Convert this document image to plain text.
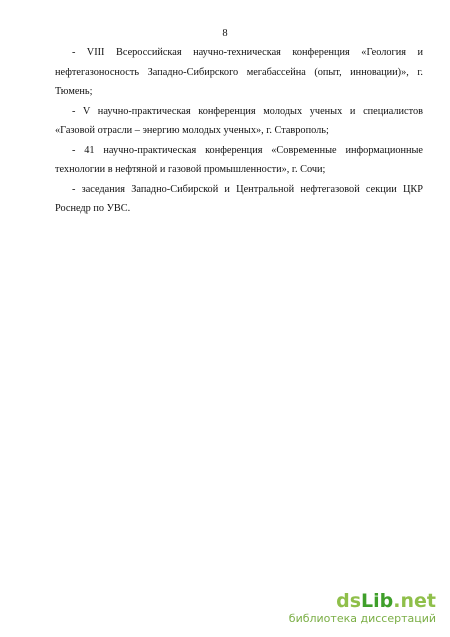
8

- VIII Всероссийская научно-техническая конференция «Геология и нефтегазоносность Западно-Сибирского мегабассейна (опыт, инновации)», г. Тюмень;

- V научно-практическая конференция молодых ученых и специалистов «Газовой отрасли – энергию молодых ученых», г. Ставрополь;

- 41 научно-практическая конференция «Современные информационные технологии в нефтяной и газовой промышленности», г. Сочи;

- заседания Западно-Сибирской и Центральной нефтегазовой секции ЦКР Роснедр по УВС.

dsLib.net
библиотека диссертаций
